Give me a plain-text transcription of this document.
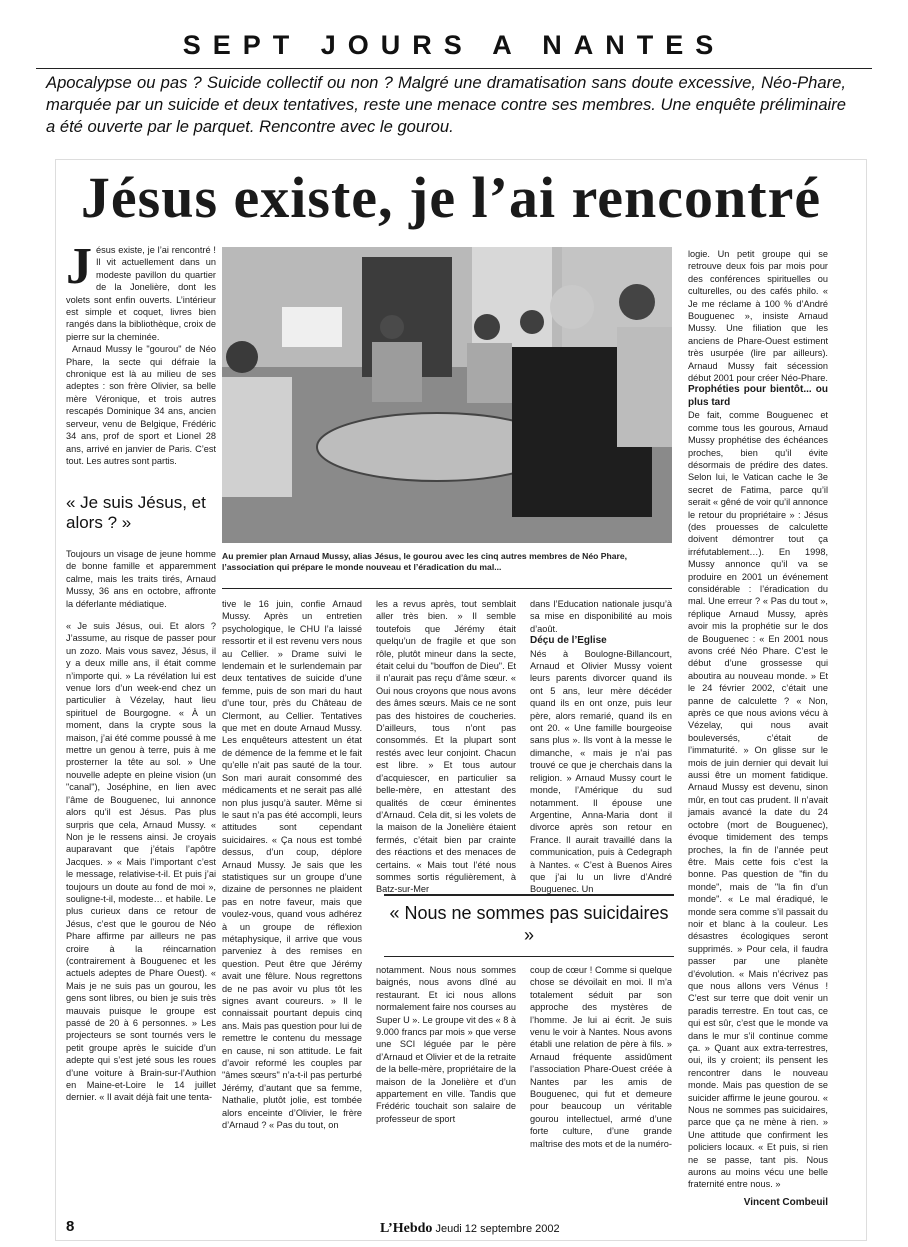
SEPT JOURS A NANTES
Apocalypse ou pas ? Suicide collectif ou non ? Malgré une dramatisation sans doute excessive, Néo-Phare, marquée par un suicide et deux tentatives, reste une menace contre ses membres. Une enquête préliminaire a été ouverte par le parquet. Rencontre avec le gourou.
Jésus existe, je l’ai rencontré
J ésus existe, je l’ai rencontré ! Il vit actuellement dans un modeste pavillon du quartier de la Jonelière, dont les volets sont enfin ouverts. L’intérieur est simple et coquet, livres bien rangés dans la bibliothèque, croix de pierre sur la cheminée.

Arnaud Mussy le "gourou" de Néo Phare, la secte qui défraie la chronique est là au milieu de ses adeptes : son frère Olivier, sa belle mère Véronique, et trois autres rescapés Dominique 34 ans, ancien serveur, venu de Belgique, Frédéric 34 ans, prof de sport et Lionel 28 ans, arrivé en janvier de Paris. C’est tout. Les autres sont partis.

« Je suis Jésus, et alors ? »
Toujours un visage de jeune homme de bonne famille et apparemment calme, mais les traits tirés, Arnaud Mussy, 36 ans en octobre, affronte la déferlante médiatique.
« Je suis Jésus, oui. Et alors ? J’assume, au risque de passer pour un zozo. Mais vous savez, Jésus, il y a deux mille ans, il était comme n’importe qui. » La révélation lui est venue lors d’un week-end chez un particulier à Vézelay, haut lieu spirituel de Bourgogne. « À un moment, dans la crypte sous la maison, j’ai été comme poussé à me mettre un genou à terre, puis à me prosterner la tête au sol. » Une nouvelle adepte en pleine vision (un "canal"), Joséphine, en lien avec l’âme de Bouguenec, lui annonce alors qu’il est Jésus. Pas plus surpris que cela, Arnaud Mussy. « Non je le ressens ainsi. Je croyais auparavant que j’étais l’apôtre Jacques. » « Mais l’important c’est le message, relativise-t-il. Et puis j’ai toujours un doute au fond de moi », souligne-t-il, modeste… et habile. Le plus curieux dans ce retour de Jésus, c’est que le gourou de Néo Phare affirme par ailleurs ne pas croire à la réincarnation (contrairement à Bouguenec et les actuels adeptes de Phare Ouest). « Mais je ne suis pas un gourou, les gens sont libres, ou bien je suis très mauvais puisque le groupe est passé de 20 à 6 personnes. » Les projecteurs se sont tournés vers le petit groupe après le suicide d’un adepte qui s’est jeté sous les roues d’une voiture à Brain-sur-l’Authion en Maine-et-Loire le 14 juillet dernier. « Il avait déjà fait une tenta-
Au premier plan Arnaud Mussy, alias Jésus, le gourou avec les cinq autres membres de Néo Phare, l’association qui prépare le monde nouveau et l’éradication du mal...
tive le 16 juin, confie Arnaud Mussy. Après un entretien psychologique, le CHU l’a laissé ressortir et il est revenu vers nous au Cellier. » Drame suivi le lendemain et le surlendemain par deux tentatives de suicide d’une femme, puis de son mari du haut d’une tour, près du Château de Clermont, au Cellier. Tentatives que met en doute Arnaud Mussy. Les enquêteurs attestent un état de démence de la femme et le fait qu’elle n’ait pas sauté de la tour. Son mari aurait consommé des médicaments et ne serait pas allé non plus jusqu’à sauter. Même si le saut n’a pas été accompli, leurs attitudes sont cependant suicidaires. « Ça nous est tombé dessus, d’un coup, déplore Arnaud Mussy. Je sais que les statistiques sur un groupe d’une dizaine de personnes ne plaident pas en notre faveur, mais que voulez-vous, quand vous adhérez à un groupe de réflexion métaphysique, il arrive que vous parveniez à des remises en question. Peut être que Jérémy avait une fêlure. Nous regrettons de ne pas avoir vu plus tôt les signes avant coureurs. » Il le connaissait pourtant depuis cinq ans. Mais pas question pour lui de remettre le contenu du message en cause, ni son attitude. Le fait d’avoir reformé les couples par "âmes sœurs" n’a-t-il pas perturbé Jérémy, d’autant que sa femme, Nathalie, plutôt jolie, est tombée alors enceinte d’Olivier, le frère d’Arnaud ? « Pas du tout, on
les a revus après, tout semblait aller très bien. » Il semble toutefois que Jérémy était quelqu’un de fragile et que son rôle, plutôt mineur dans la secte, était celui du "bouffon de Dieu". Et il n’aurait pas reçu d’âme sœur. « Oui nous croyons que nous avons des âmes sœurs. Mais ce ne sont pas des histoires de coucheries. D’ailleurs, tous n’ont pas consommés. Et la plupart sont restés avec leur conjoint. Chacun est libre. » Et tous autour d’acquiescer, en particulier sa belle-mère, en attestant des qualités de cœur éminentes d’Arnaud. Cela dit, si les volets de la maison de la Jonelière étaient fermés, c’était bien par crainte des réactions et des menaces de certains. « Mais tout l’été nous sommes sortis régulièrement, à Batz-sur-Mer
dans l’Education nationale jusqu’à sa mise en disponibilité au mois d’août.
Déçu de l’Eglise
Nés à Boulogne-Billancourt, Arnaud et Olivier Mussy voient leurs parents divorcer quand ils ont 5 ans, leur mère décéder quand ils en ont onze, puis leur père, alors remarié, quand ils en ont 20. « Une famille bourgeoise sans plus ». Ils vont à la messe le dimanche, « mais je n’ai pas trouvé ce que je cherchais dans la religion. » Arnaud Mussy court le monde, l’Amérique du sud notamment. Il épouse une Argentine, Anna-Maria dont il divorce après son retour en France. Il aurait travaillé dans la communication, puis à Cedegraph à Nantes. « C’est à Buenos Aires que j’ai lu un livre d’André Bouguenec. Un
« Nous ne sommes pas suicidaires »
notamment. Nous nous sommes baignés, nous avons dîné au restaurant. Et ici nous allons normalement faire nos courses au Super U ». Le groupe vit des « 8 à 9.000 francs par mois » que verse une SCI léguée par le père d’Arnaud et Olivier et de la retraite de la belle-mère, propriétaire de la maison de la Jonelière et d’un appartement en ville. Tandis que Frédéric touchait son salaire de professeur de sport
coup de cœur ! Comme si quelque chose se dévoilait en moi. Il m’a totalement séduit par son approche des mystères de l’homme. Je lui ai écrit. Je suis venu le voir à Nantes. Nous avons établi une relation de père à fils. » Arnaud fréquente assidûment l’association Phare-Ouest créée à Nantes par les amis de Bouguenec, qui fut et demeure pour beaucoup un véritable gourou intellectuel, armé d’une forte culture, d’une grande maîtrise des mots et de la numéro-
logie. Un petit groupe qui se retrouve deux fois par mois pour des conférences spirituelles ou culturelles, ou des cafés philo. « Je me réclame à 100 % d’André Bouguenec », insiste Arnaud Mussy. Une filiation que les anciens de Phare-Ouest estiment très usurpée (lire par ailleurs). Arnaud Mussy fait sécession début 2001 pour créer Néo-Phare.
Prophéties pour bientôt... ou plus tard
De fait, comme Bouguenec et comme tous les gourous, Arnaud Mussy prophétise des échéances proches, bien qu’il évite désormais de prédire des dates. Selon lui, le Vatican cache le 3e secret de Fatima, parce qu’il serait « gêné de voir qu’il annonce le retour du propriétaire » : Jésus (des prouesses de calculette doivent démontrer tout ça irréfutablement…). En 1998, Mussy annonce qu’il va se produire en 2001 un événement considérable : l’éradication du mal. Une erreur ? « Pas du tout », réplique Arnaud Mussy, après avoir mis la prophétie sur le dos de Bouguenec : « En 2001 nous avons créé Néo Phare. C’est le début d’une grossesse qui aboutira au nouveau monde. » Et le 24 février 2002, c’était une panne de calculette ? « Non, après ce que nous avions vécu à Vézelay, qui nous avait bouleversés, c’était de l’immaturité. » On glisse sur le mois de juin dernier qui devait lui aussi être un moment fatidique. Arnaud Mussy est devenu, sinon mûr, en tout cas prudent. Il n’avait jamais avancé la date du 24 octobre (mort de Bouguenec), évoque timidement des temps proches, la fin de l’année peut être. Mais cette fois c’est la bonne. Pas question de "fin du monde", mais de "la fin d’un monde". « Le mal éradiqué, le monde sera comme s’il passait du noir et blanc à la couleur. Les désastres écologiques seront supprimés. » Pour cela, il faudra passer par une planète d’évolution. « Mais n’écrivez pas que nous allons vers Vénus ! C’est sur terre que doit venir un paradis terrestre. En tout cas, ce qui est sûr, c’est que le monde va dans le mur s’il continue comme ça. » Quant aux extra-terrestres, oui, ils y croient; ils pensent les rencontrer dans le nouveau monde. Mais pas question de se suicider affirme le jeune gourou. « Nous ne sommes pas suicidaires, parce que ça ne mène à rien. » Une attitude que confirment les policiers locaux. « Et puis, si rien ne se passe, tant pis. Nous aurons au moins vécu une belle fraternité entre nous. »
Vincent Combeuil
8	L’Hebdo Jeudi 12 septembre 2002
